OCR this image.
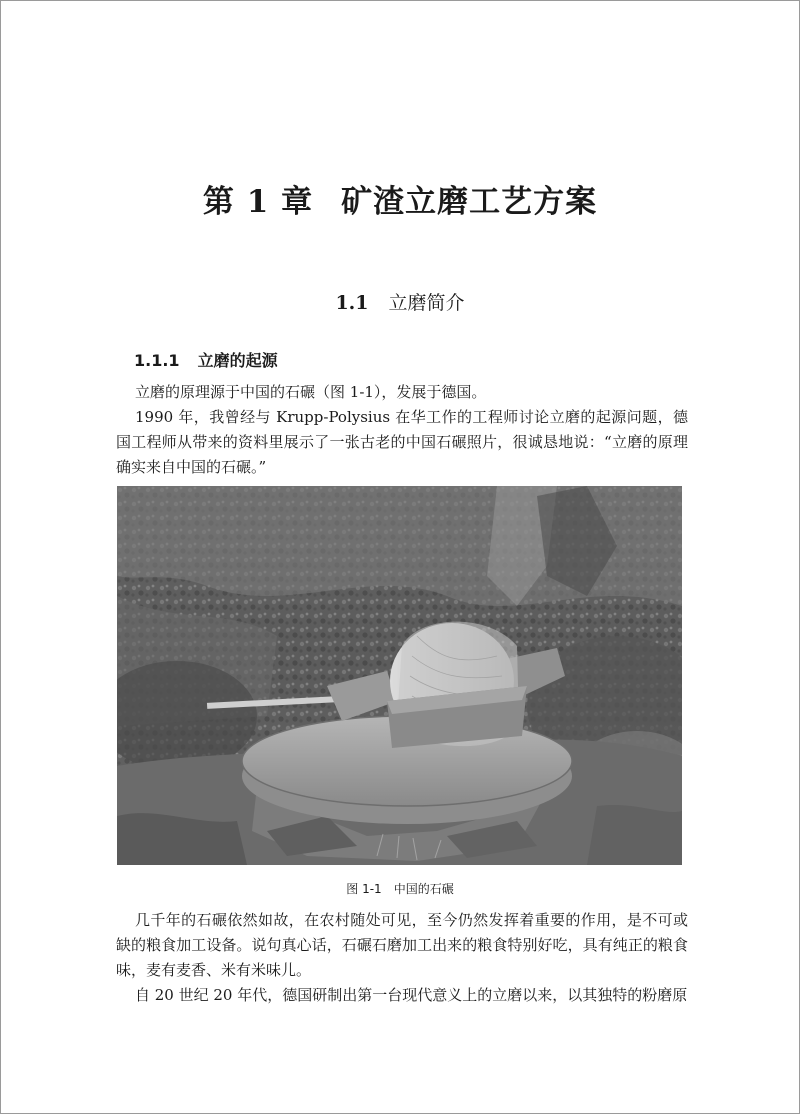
第 1 章 矿渣立磨工艺方案
1.1 立磨简介
1.1.1 立磨的起源

立磨的原理源于中国的石碾（图 1-1），发展于德国。

1990 年，我曾经与 Krupp-Polysius 在华工作的工程师讨论立磨的起源问题，德国工程师从带来的资料里展示了一张古老的中国石碾照片，很诚恳地说：“立磨的原理确实来自中国的石碾。”

图 1-1 中国的石碾

几千年的石碾依然如故，在农村随处可见，至今仍然发挥着重要的作用，是不可或缺的粮食加工设备。说句真心话，石碾石磨加工出来的粮食特别好吃，具有纯正的粮食味，麦有麦香、米有米味儿。

自 20 世纪 20 年代，德国研制出第一台现代意义上的立磨以来，以其独特的粉磨原
